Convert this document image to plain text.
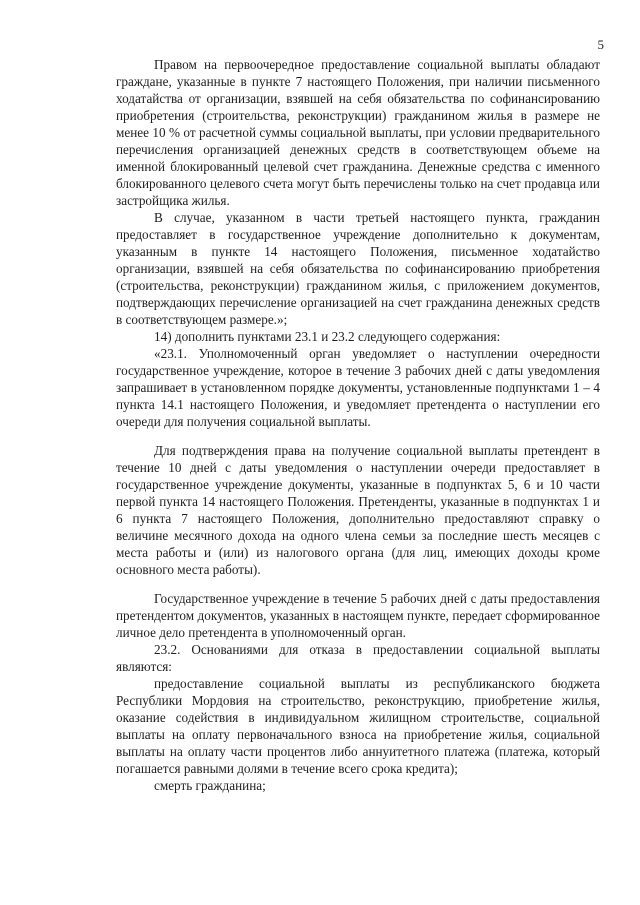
5

Правом на первоочередное предоставление социальной выплаты обладают граждане, указанные в пункте 7 настоящего Положения, при наличии письменного ходатайства от организации, взявшей на себя обязательства по софинансированию приобретения (строительства, реконструкции) гражданином жилья в размере не менее 10 % от расчетной суммы социальной выплаты, при условии предварительного перечисления организацией денежных средств в соответствующем объеме на именной блокированный целевой счет гражданина. Денежные средства с именного блокированного целевого счета могут быть перечислены только на счет продавца или застройщика жилья.

В случае, указанном в части третьей настоящего пункта, гражданин предоставляет в государственное учреждение дополнительно к документам, указанным в пункте 14 настоящего Положения, письменное ходатайство организации, взявшей на себя обязательства по софинансированию приобретения (строительства, реконструкции) гражданином жилья, с приложением документов, подтверждающих перечисление организацией на счет гражданина денежных средств в соответствующем размере.»;

14) дополнить пунктами 23.1 и 23.2 следующего содержания:

«23.1. Уполномоченный орган уведомляет о наступлении очередности государственное учреждение, которое в течение 3 рабочих дней с даты уведомления запрашивает в установленном порядке документы, установленные подпунктами 1 – 4 пункта 14.1 настоящего Положения, и уведомляет претендента о наступлении его очереди для получения социальной выплаты.

Для подтверждения права на получение социальной выплаты претендент в течение 10 дней с даты уведомления о наступлении очереди предоставляет в государственное учреждение документы, указанные в подпунктах 5, 6 и 10 части первой пункта 14 настоящего Положения. Претенденты, указанные в подпунктах 1 и 6 пункта 7 настоящего Положения, дополнительно предоставляют справку о величине месячного дохода на одного члена семьи за последние шесть месяцев с места работы и (или) из налогового органа (для лиц, имеющих доходы кроме основного места работы).

Государственное учреждение в течение 5 рабочих дней с даты предоставления претендентом документов, указанных в настоящем пункте, передает сформированное личное дело претендента в уполномоченный орган.

23.2. Основаниями для отказа в предоставлении социальной выплаты являются:

предоставление социальной выплаты из республиканского бюджета Республики Мордовия на строительство, реконструкцию, приобретение жилья, оказание содействия в индивидуальном жилищном строительстве, социальной выплаты на оплату первоначального взноса на приобретение жилья, социальной выплаты на оплату части процентов либо аннуитетного платежа (платежа, который погашается равными долями в течение всего срока кредита);

смерть гражданина;
